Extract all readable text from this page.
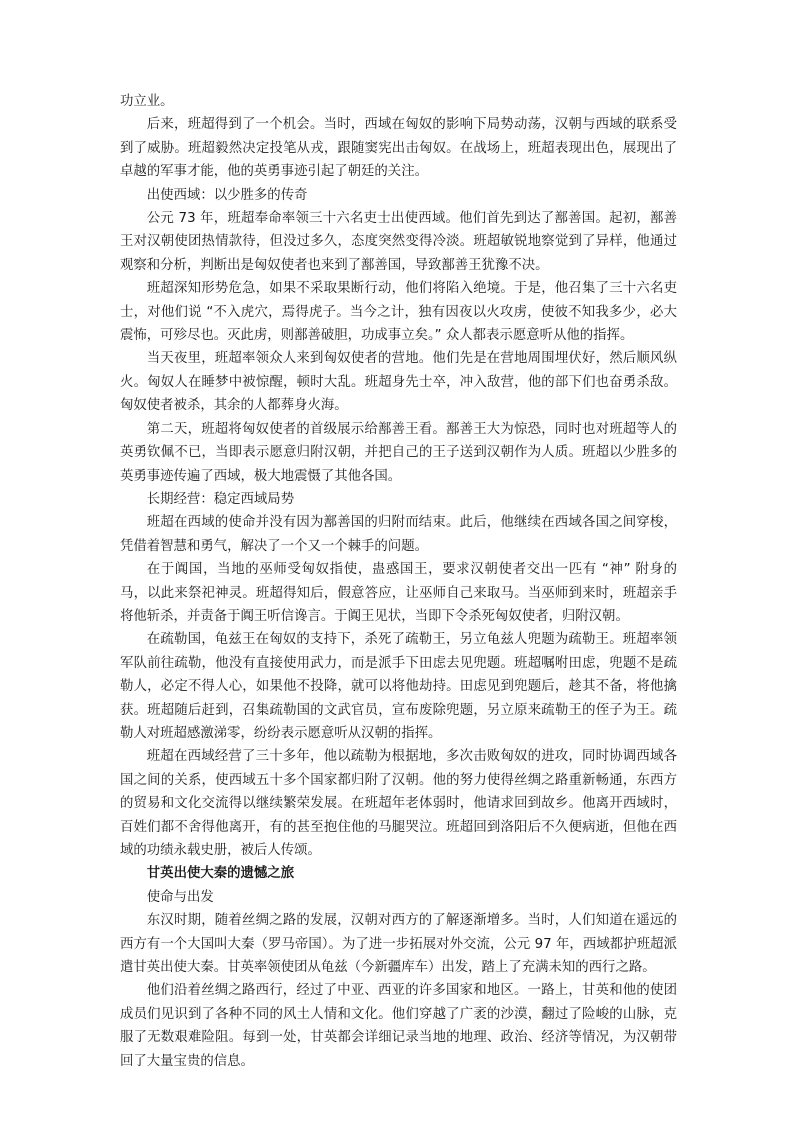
功立业。

后来，班超得到了一个机会。当时，西域在匈奴的影响下局势动荡，汉朝与西域的联系受到了威胁。班超毅然决定投笔从戎，跟随窦宪出击匈奴。在战场上，班超表现出色，展现出了卓越的军事才能，他的英勇事迹引起了朝廷的关注。

出使西域：以少胜多的传奇

公元 73 年，班超奉命率领三十六名吏士出使西域。他们首先到达了鄯善国。起初，鄯善王对汉朝使团热情款待，但没过多久，态度突然变得冷淡。班超敏锐地察觉到了异样，他通过观察和分析，判断出是匈奴使者也来到了鄯善国，导致鄯善王犹豫不决。

班超深知形势危急，如果不采取果断行动，他们将陷入绝境。于是，他召集了三十六名吏士，对他们说 “不入虎穴，焉得虎子。当今之计，独有因夜以火攻虏，使彼不知我多少，必大震怖，可殄尽也。灭此虏，则鄯善破胆，功成事立矣。” 众人都表示愿意听从他的指挥。

当天夜里，班超率领众人来到匈奴使者的营地。他们先是在营地周围埋伏好，然后顺风纵火。匈奴人在睡梦中被惊醒，顿时大乱。班超身先士卒，冲入敌营，他的部下们也奋勇杀敌。匈奴使者被杀，其余的人都葬身火海。

第二天，班超将匈奴使者的首级展示给鄯善王看。鄯善王大为惊恐，同时也对班超等人的英勇钦佩不已，当即表示愿意归附汉朝，并把自己的王子送到汉朝作为人质。班超以少胜多的英勇事迹传遍了西域，极大地震慑了其他各国。

长期经营：稳定西域局势

班超在西域的使命并没有因为鄯善国的归附而结束。此后，他继续在西域各国之间穿梭，凭借着智慧和勇气，解决了一个又一个棘手的问题。

在于阗国，当地的巫师受匈奴指使，蛊惑国王，要求汉朝使者交出一匹有 “神” 附身的马，以此来祭祀神灵。班超得知后，假意答应，让巫师自己来取马。当巫师到来时，班超亲手将他斩杀，并责备于阗王听信谗言。于阗王见状，当即下令杀死匈奴使者，归附汉朝。

在疏勒国，龟兹王在匈奴的支持下，杀死了疏勒王，另立龟兹人兜题为疏勒王。班超率领军队前往疏勒，他没有直接使用武力，而是派手下田虑去见兜题。班超嘱咐田虑，兜题不是疏勒人，必定不得人心，如果他不投降，就可以将他劫持。田虑见到兜题后，趁其不备，将他擒获。班超随后赶到，召集疏勒国的文武官员，宣布废除兜题，另立原来疏勒王的侄子为王。疏勒人对班超感激涕零，纷纷表示愿意听从汉朝的指挥。

班超在西域经营了三十多年，他以疏勒为根据地，多次击败匈奴的进攻，同时协调西域各国之间的关系，使西域五十多个国家都归附了汉朝。他的努力使得丝绸之路重新畅通，东西方的贸易和文化交流得以继续繁荣发展。在班超年老体弱时，他请求回到故乡。他离开西域时，百姓们都不舍得他离开，有的甚至抱住他的马腿哭泣。班超回到洛阳后不久便病逝，但他在西域的功绩永载史册，被后人传颂。

甘英出使大秦的遗憾之旅

使命与出发

东汉时期，随着丝绸之路的发展，汉朝对西方的了解逐渐增多。当时，人们知道在遥远的西方有一个大国叫大秦（罗马帝国）。为了进一步拓展对外交流，公元 97 年，西域都护班超派遣甘英出使大秦。甘英率领使团从龟兹（今新疆库车）出发，踏上了充满未知的西行之路。

他们沿着丝绸之路西行，经过了中亚、西亚的许多国家和地区。一路上，甘英和他的使团成员们见识到了各种不同的风土人情和文化。他们穿越了广袤的沙漠，翻过了险峻的山脉，克服了无数艰难险阻。每到一处，甘英都会详细记录当地的地理、政治、经济等情况，为汉朝带回了大量宝贵的信息。
